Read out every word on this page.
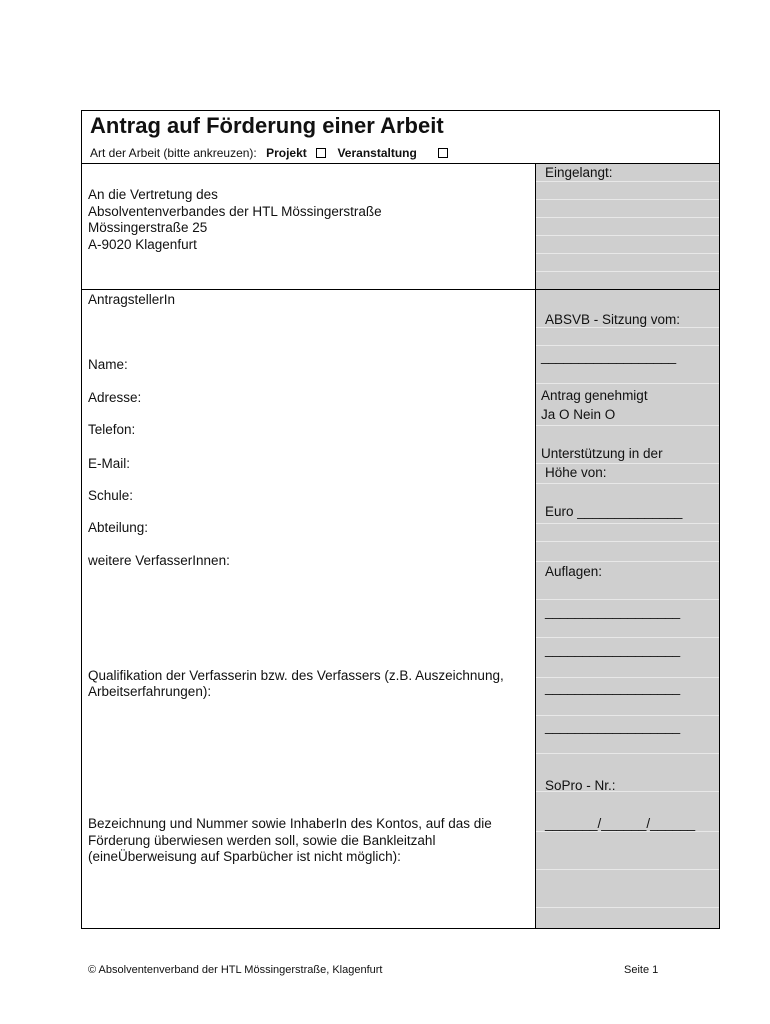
Antrag auf Förderung einer Arbeit
Art der Arbeit (bitte ankreuzen): Projekt	Veranstaltung
An die Vertretung des
Absolventenverbandes der HTL Mössingerstraße
Mössingerstraße 25
A-9020 Klagenfurt
AntragstellerIn
Name:
Adresse:
Telefon:
E-Mail:
Schule:
Abteilung:
weitere VerfasserInnen:
Qualifikation der Verfasserin bzw. des Verfassers (z.B. Auszeichnung,
Arbeitserfahrungen):
Bezeichnung und Nummer sowie InhaberIn des Kontos, auf das die
Förderung überwiesen werden soll, sowie die Bankleitzahl
(eineÜberweisung auf Sparbücher ist nicht möglich):
Eingelangt:
ABSVB - Sitzung vom:
__________________
Antrag genehmigt
Ja O Nein O
Unterstützung in der
Höhe von:
Euro ______________
Auflagen:
__________________
__________________
__________________
__________________
SoPro - Nr.:
_______/______/______
© Absolventenverband der HTL Mössingerstraße, Klagenfurt	Seite 1
